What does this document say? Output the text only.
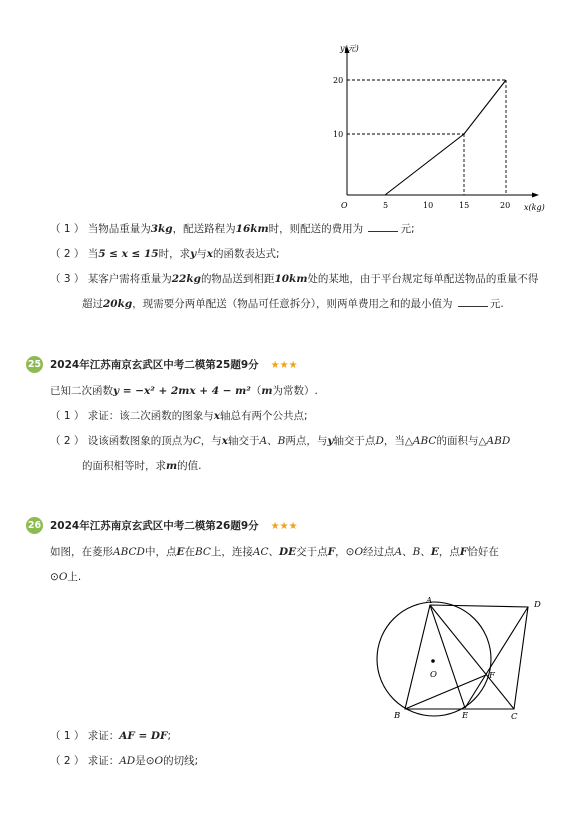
y(元)
x(kg)
O	5	10	15	20
10
20
（ 1 ） 当物品重量为3kg，配送路程为16km时，则配送的费用为	元;
（ 2 ） 当5 ≤ x ≤ 15时，求y与x的函数表达式;
（ 3 ） 某客户需将重量为22kg的物品送到相距10km处的某地，由于平台规定每单配送物品的重量不得
超过20kg，现需要分两单配送（物品可任意拆分），则两单费用之和的最小值为	元.
25 2024年江苏南京玄武区中考二模第25题9分 ★★★
已知二次函数y = −x² + 2mx + 4 − m²（m为常数）.
（ 1 ） 求证：该二次函数的图象与x轴总有两个公共点;
（ 2 ） 设该函数图象的顶点为C，与x轴交于A、B两点，与y轴交于点D，当△ABC的面积与△ABD
的面积相等时，求m的值.
26 2024年江苏南京玄武区中考二模第26题9分 ★★★
如图，在菱形ABCD中，点E在BC上，连接AC、DE交于点F，⊙O经过点A、B、E，点F恰好在
⊙O上.
A	D
B	E	C
F
O
（ 1 ） 求证：AF = DF;
（ 2 ） 求证：AD是⊙O的切线;
